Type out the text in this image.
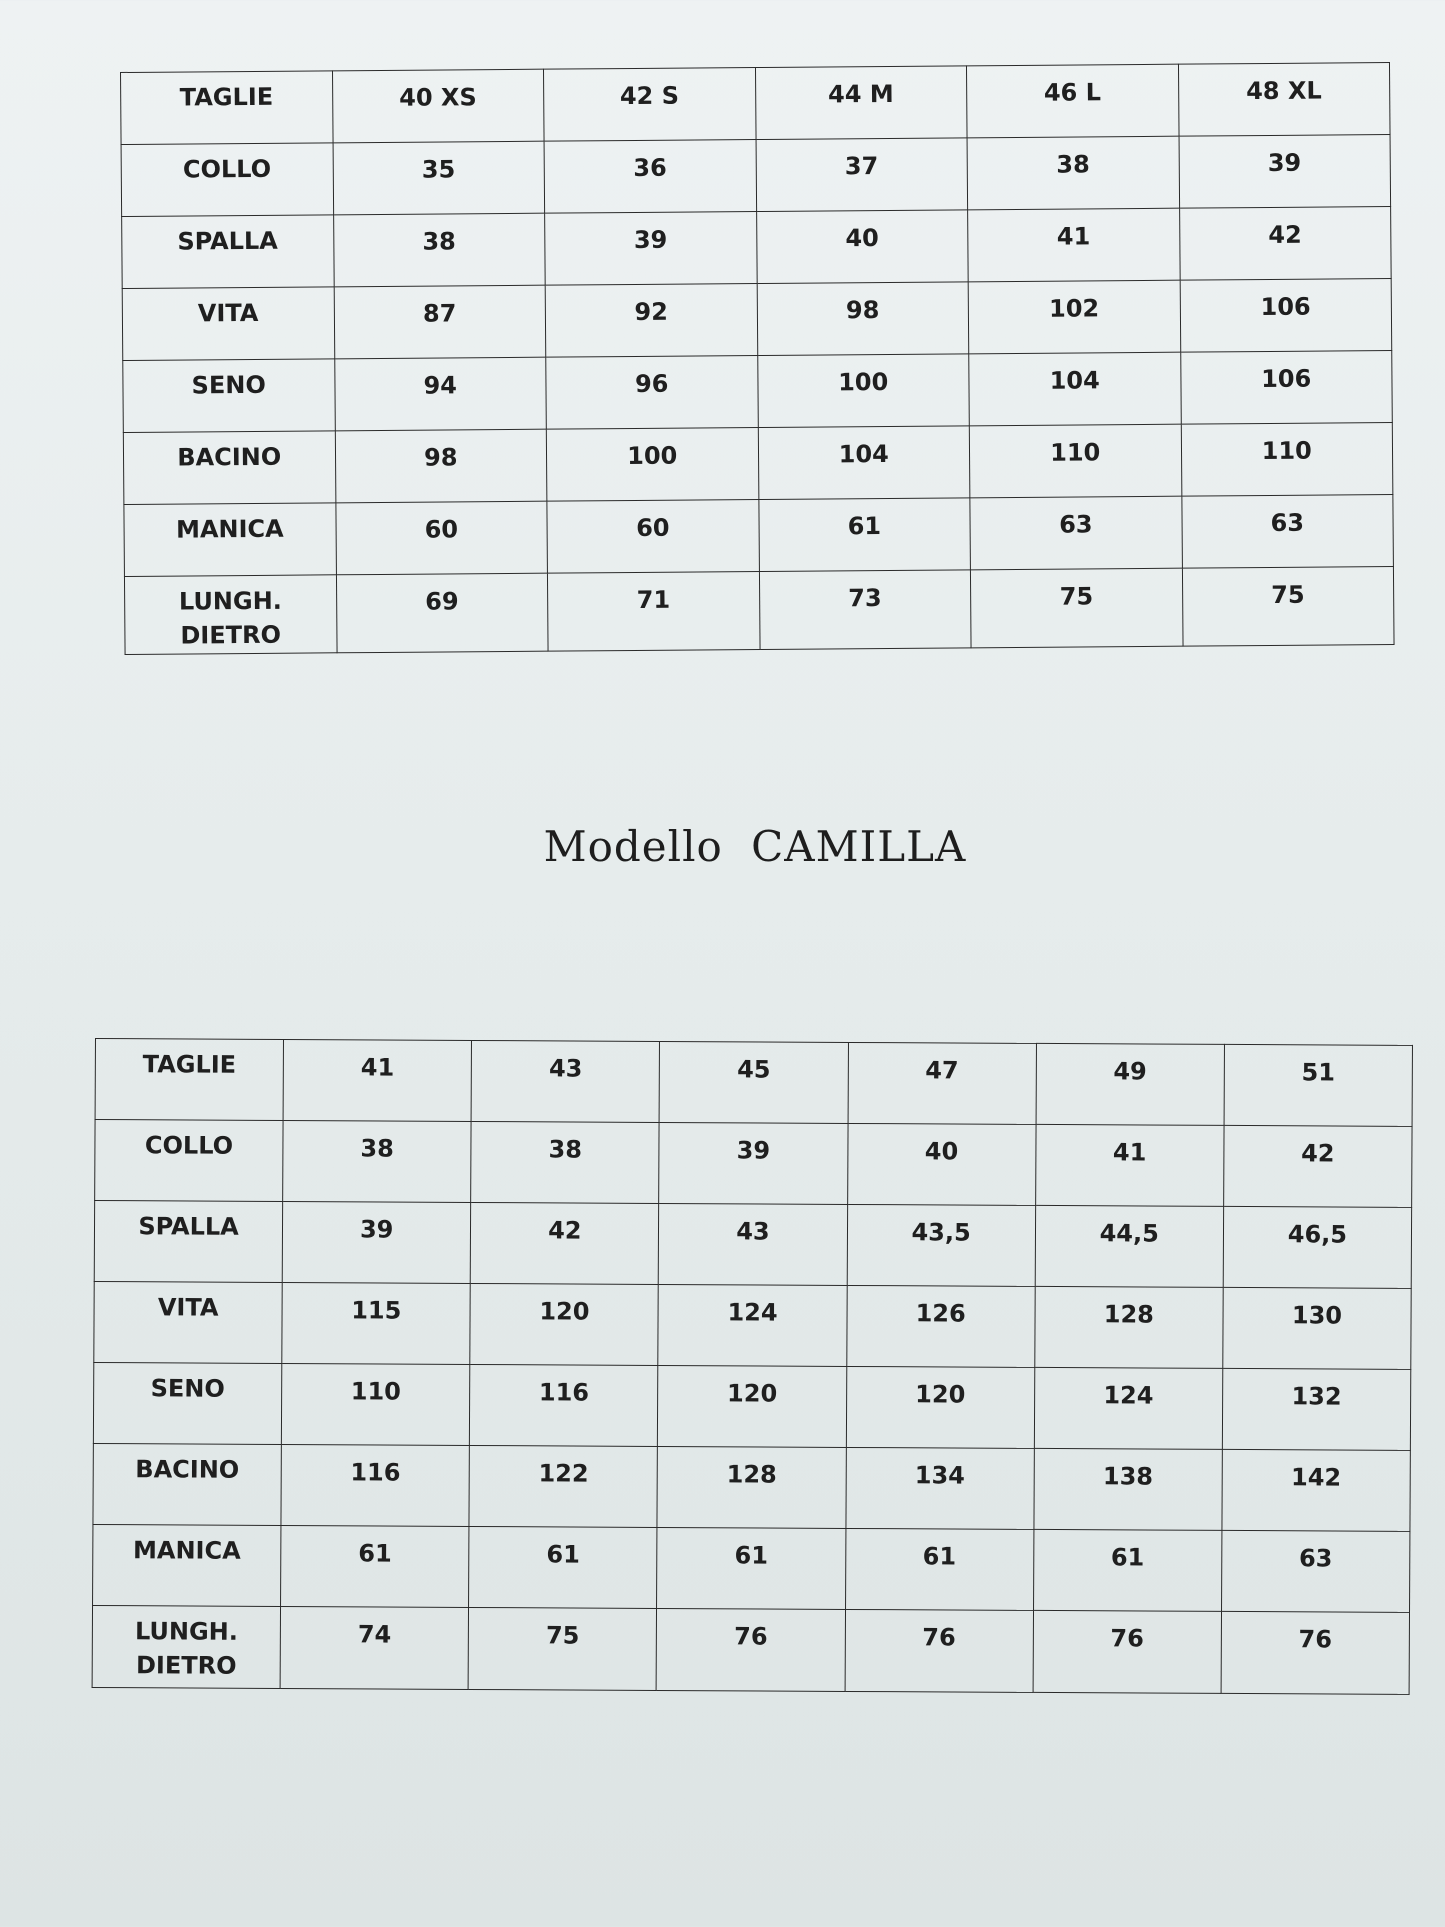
TAGLIE	40 XS	42 S	44 M	46 L	48 XL
COLLO	35	36	37	38	39
SPALLA	38	39	40	41	42
VITA	87	92	98	102	106
SENO	94	96	100	104	106
BACINO	98	100	104	110	110
MANICA	60	60	61	63	63

LUNGH.
DIETRO	69	71	73	75	75
Modello CAMILLA
TAGLIE	41	43	45	47	49	51
COLLO	38	38	39	40	41	42
SPALLA	39	42	43	43,5	44,5	46,5
VITA	115	120	124	126	128	130
SENO	110	116	120	120	124	132
BACINO	116	122	128	134	138	142
MANICA	61	61	61	61	61	63

LUNGH.
DIETRO	74	75	76	76	76	76
